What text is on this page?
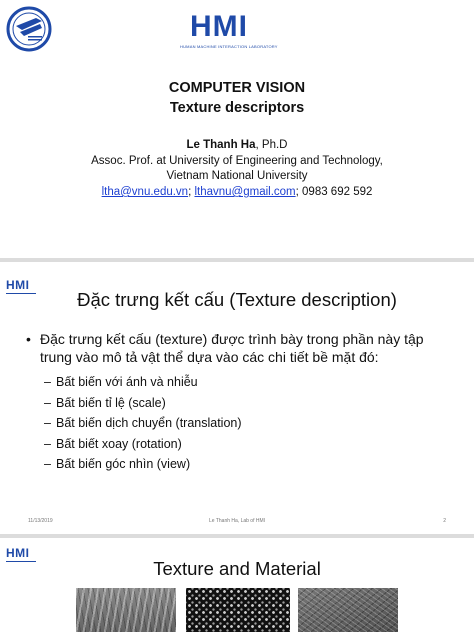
HMI
HUMAN MACHINE INTERACTION LABORATORY
COMPUTER VISION
Texture descriptors
Le Thanh Ha, Ph.D
Assoc. Prof. at University of Engineering and Technology,
Vietnam National University
ltha@vnu.edu.vn; lthavnu@gmail.com; 0983 692 592
HMI
Đặc trưng kết cấu (Texture description)
• Đặc trưng kết cấu (texture) được trình bày trong phần này tập trung vào mô tả vật thể dựa vào các chi tiết bề mặt đó:
– Bất biến với ánh và nhiễu
– Bất biến tỉ lệ (scale)
– Bất biến dịch chuyển (translation)
– Bất biết xoay (rotation)
– Bất biến góc nhìn (view)
11/13/2019	Le Thanh Ha, Lab of HMI	2
HMI
Texture and Material
